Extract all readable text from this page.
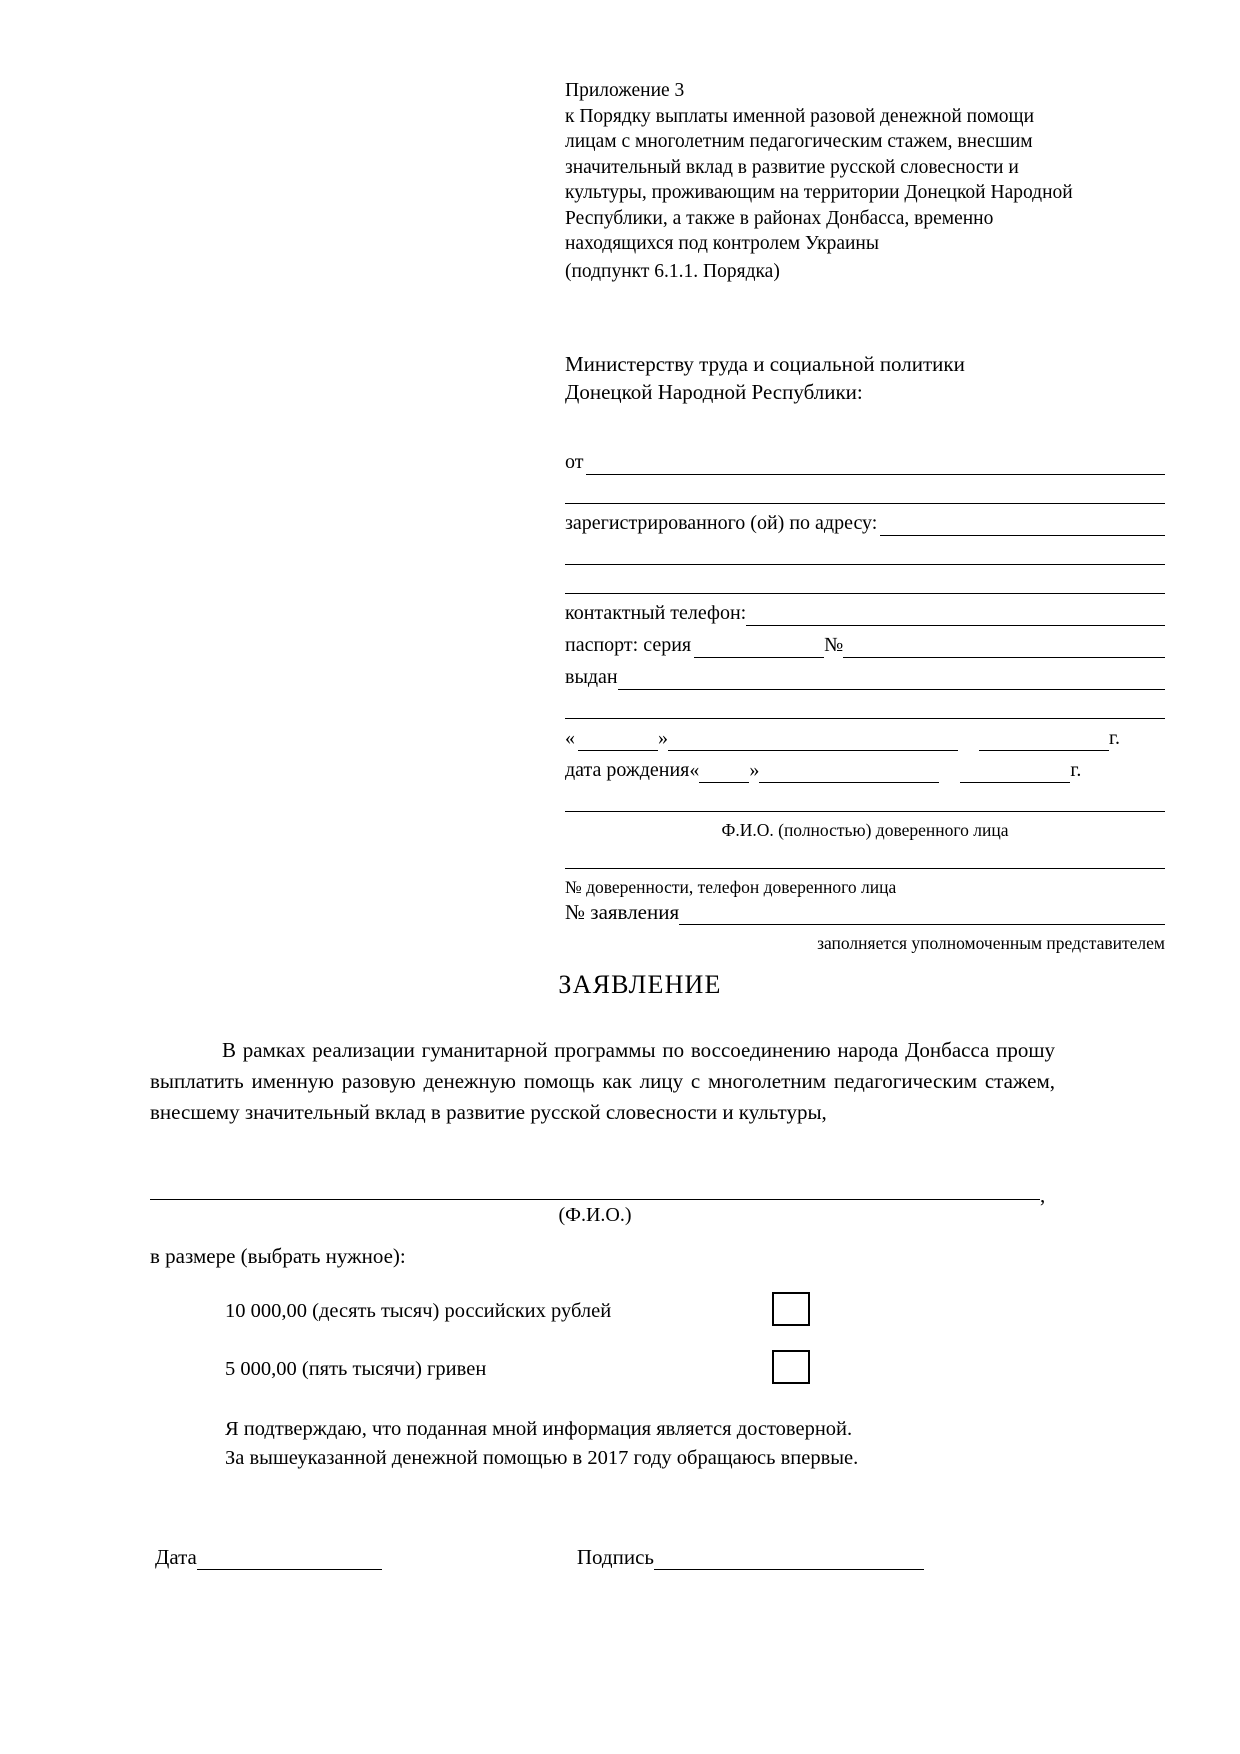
Приложение 3
к Порядку выплаты именной разовой денежной помощи
лицам с многолетним педагогическим стажем, внесшим
значительный вклад в развитие русской словесности и
культуры, проживающим на территории Донецкой Народной
Республики, а также в районах Донбасса, временно
находящихся под контролем Украины
(подпункт 6.1.1. Порядка)
Министерству труда и социальной политики
Донецкой Народной Республики:
от
зарегистрированного (ой) по адресу:
контактный телефон:
паспорт: серия	№
выдан
«	»	г.
дата рождения «	»	г.
Ф.И.О. (полностью) доверенного лица
№ доверенности, телефон доверенного лица
№ заявления
заполняется уполномоченным представителем
ЗАЯВЛЕНИЕ
В рамках реализации гуманитарной программы по воссоединению народа Донбасса прошу выплатить именную разовую денежную помощь как лицу с многолетним педагогическим стажем, внесшему значительный вклад в развитие русской словесности и культуры,
,
(Ф.И.О.)
в размере (выбрать нужное):
10 000,00 (десять тысяч) российских рублей
5 000,00 (пять тысячи) гривен
Я подтверждаю, что поданная мной информация является достоверной.
За вышеуказанной денежной помощью в 2017 году обращаюсь впервые.
Дата	Подпись
